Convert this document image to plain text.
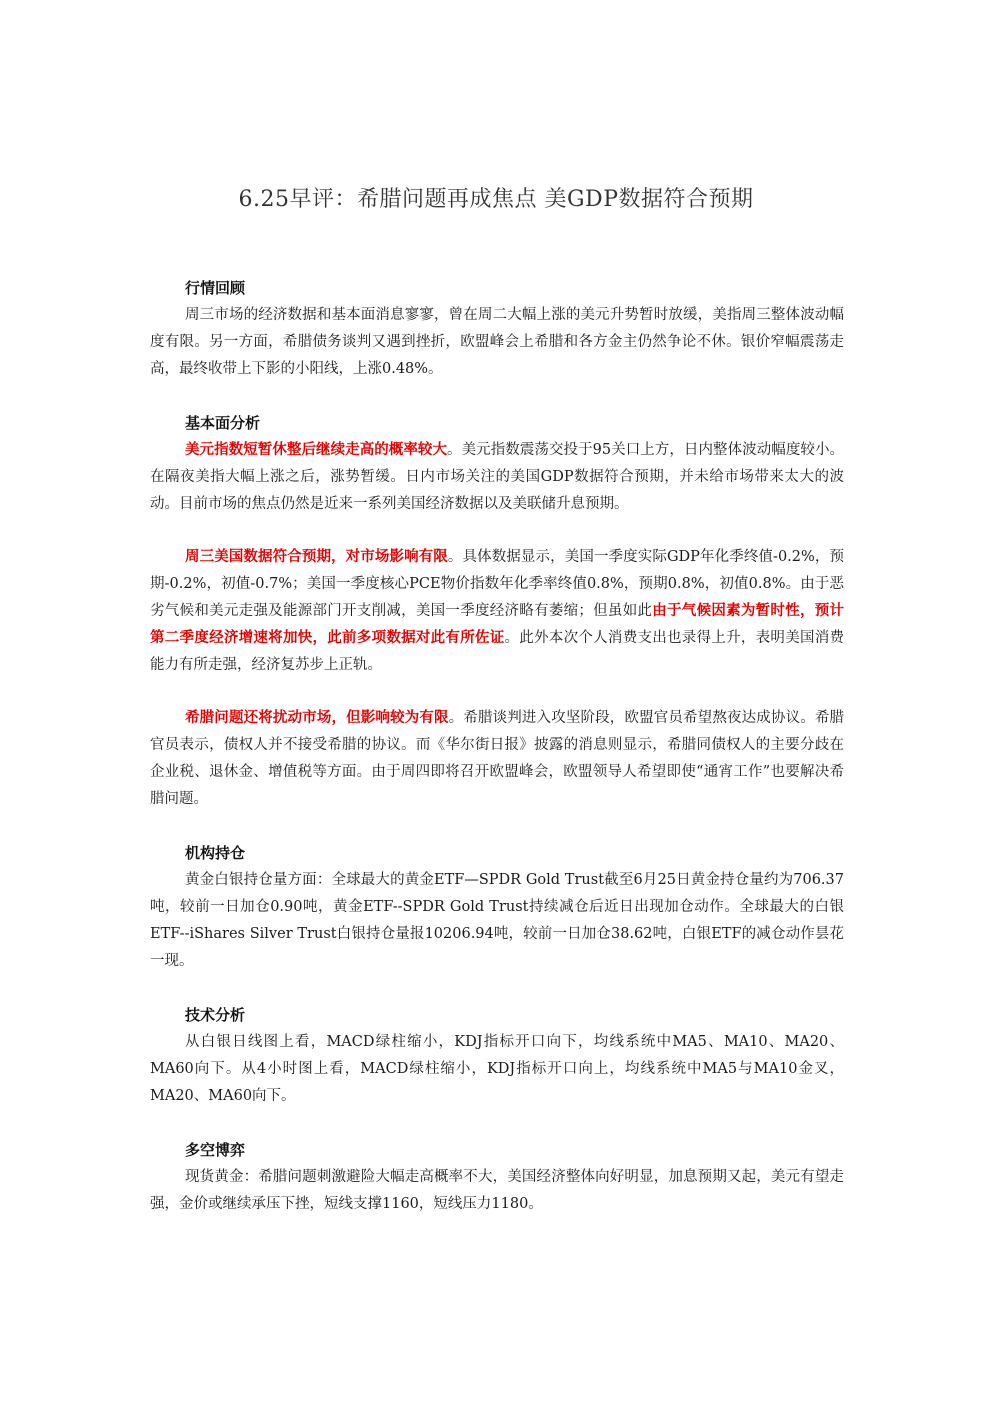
6.25早评：希腊问题再成焦点 美GDP数据符合预期
行情回顾
周三市场的经济数据和基本面消息寥寥，曾在周二大幅上涨的美元升势暂时放缓，美指周三整体波动幅度有限。另一方面，希腊债务谈判又遇到挫折，欧盟峰会上希腊和各方金主仍然争论不休。银价窄幅震荡走高，最终收带上下影的小阳线，上涨0.48%。
基本面分析
美元指数短暂休整后继续走高的概率较大。美元指数震荡交投于95关口上方，日内整体波动幅度较小。在隔夜美指大幅上涨之后，涨势暂缓。日内市场关注的美国GDP数据符合预期，并未给市场带来太大的波动。目前市场的焦点仍然是近来一系列美国经济数据以及美联储升息预期。
周三美国数据符合预期，对市场影响有限。具体数据显示，美国一季度实际GDP年化季终值-0.2%，预期-0.2%，初值-0.7%；美国一季度核心PCE物价指数年化季率终值0.8%，预期0.8%，初值0.8%。由于恶劣气候和美元走强及能源部门开支削减，美国一季度经济略有萎缩；但虽如此由于气候因素为暂时性，预计第二季度经济增速将加快，此前多项数据对此有所佐证。此外本次个人消费支出也录得上升，表明美国消费能力有所走强，经济复苏步上正轨。
希腊问题还将扰动市场，但影响较为有限。希腊谈判进入攻坚阶段，欧盟官员希望熬夜达成协议。希腊官员表示，债权人并不接受希腊的协议。而《华尔街日报》披露的消息则显示，希腊同债权人的主要分歧在企业税、退休金、增值税等方面。由于周四即将召开欧盟峰会，欧盟领导人希望即使“通宵工作”也要解决希腊问题。
机构持仓
黄金白银持仓量方面：全球最大的黄金ETF—SPDR Gold Trust截至6月25日黄金持仓量约为706.37吨，较前一日加仓0.90吨，黄金ETF--SPDR Gold Trust持续减仓后近日出现加仓动作。全球最大的白银ETF--iShares Silver Trust白银持仓量报10206.94吨，较前一日加仓38.62吨，白银ETF的减仓动作昙花一现。
技术分析
从白银日线图上看，MACD绿柱缩小，KDJ指标开口向下，均线系统中MA5、MA10、MA20、MA60向下。从4小时图上看，MACD绿柱缩小，KDJ指标开口向上，均线系统中MA5与MA10金叉，MA20、MA60向下。
多空博弈
现货黄金：希腊问题刺激避险大幅走高概率不大，美国经济整体向好明显，加息预期又起，美元有望走强，金价或继续承压下挫，短线支撑1160，短线压力1180。
